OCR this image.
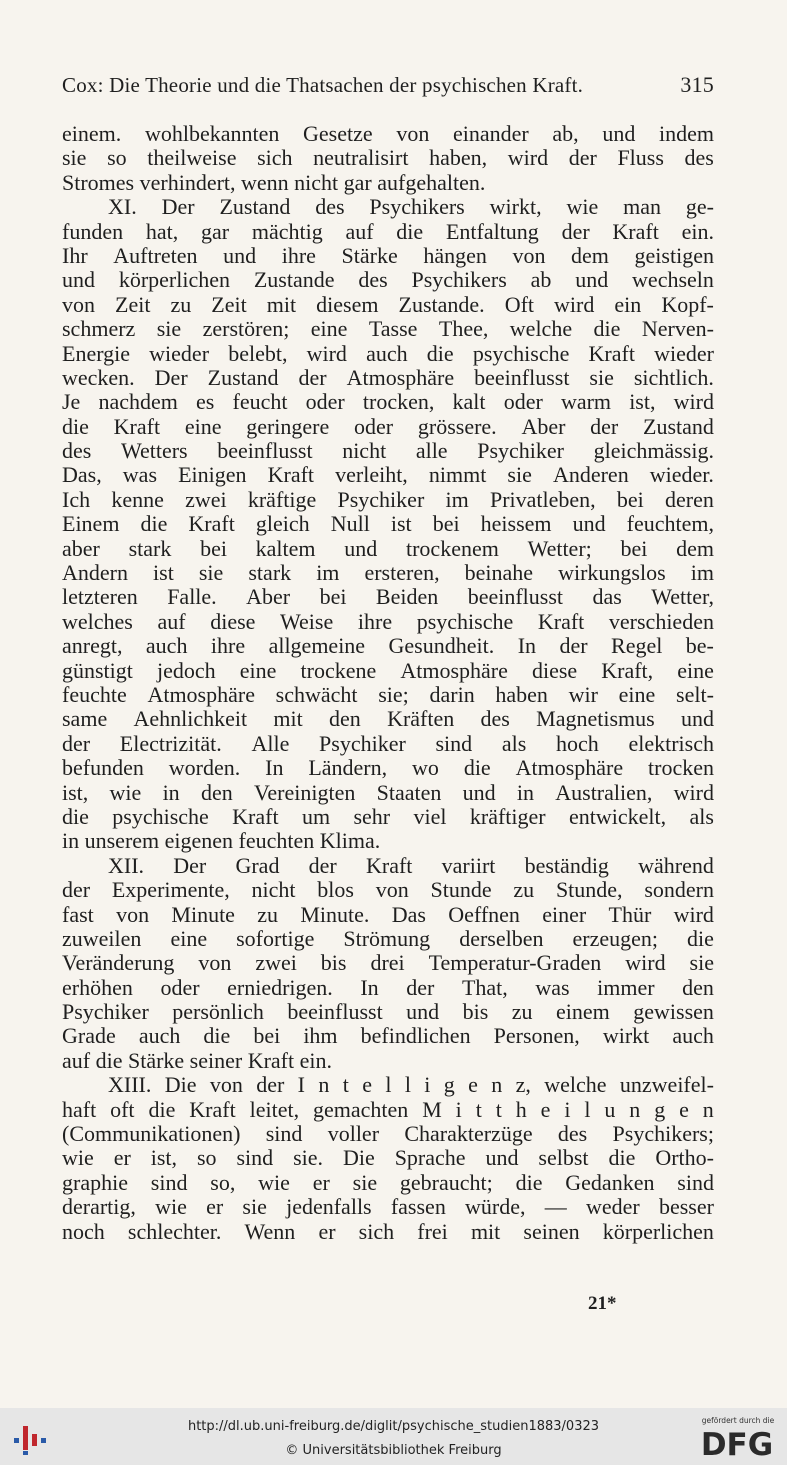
Cox: Die Theorie und die Thatsachen der psychischen Kraft.	315
einem. wohlbekannten Gesetze von einander ab, und indem
sie so theilweise sich neutralisirt haben, wird der Fluss des
Stromes verhindert, wenn nicht gar aufgehalten.
XI. Der Zustand des Psychikers wirkt, wie man ge-
funden hat, gar mächtig auf die Entfaltung der Kraft ein.
Ihr Auftreten und ihre Stärke hängen von dem geistigen
und körperlichen Zustande des Psychikers ab und wechseln
von Zeit zu Zeit mit diesem Zustande. Oft wird ein Kopf-
schmerz sie zerstören; eine Tasse Thee, welche die Nerven-
Energie wieder belebt, wird auch die psychische Kraft wieder
wecken. Der Zustand der Atmosphäre beeinflusst sie sichtlich.
Je nachdem es feucht oder trocken, kalt oder warm ist, wird
die Kraft eine geringere oder grössere. Aber der Zustand
des Wetters beeinflusst nicht alle Psychiker gleichmässig.
Das, was Einigen Kraft verleiht, nimmt sie Anderen wieder.
Ich kenne zwei kräftige Psychiker im Privatleben, bei deren
Einem die Kraft gleich Null ist bei heissem und feuchtem,
aber stark bei kaltem und trockenem Wetter; bei dem
Andern ist sie stark im ersteren, beinahe wirkungslos im
letzteren Falle. Aber bei Beiden beeinflusst das Wetter,
welches auf diese Weise ihre psychische Kraft verschieden
anregt, auch ihre allgemeine Gesundheit. In der Regel be-
günstigt jedoch eine trockene Atmosphäre diese Kraft, eine
feuchte Atmosphäre schwächt sie; darin haben wir eine selt-
same Aehnlichkeit mit den Kräften des Magnetismus und
der Electrizität. Alle Psychiker sind als hoch elektrisch
befunden worden. In Ländern, wo die Atmosphäre trocken
ist, wie in den Vereinigten Staaten und in Australien, wird
die psychische Kraft um sehr viel kräftiger entwickelt, als
in unserem eigenen feuchten Klima.
XII. Der Grad der Kraft variirt beständig während
der Experimente, nicht blos von Stunde zu Stunde, sondern
fast von Minute zu Minute. Das Oeffnen einer Thür wird
zuweilen eine sofortige Strömung derselben erzeugen; die
Veränderung von zwei bis drei Temperatur-Graden wird sie
erhöhen oder erniedrigen. In der That, was immer den
Psychiker persönlich beeinflusst und bis zu einem gewissen
Grade auch die bei ihm befindlichen Personen, wirkt auch
auf die Stärke seiner Kraft ein.
XIII. Die von der I n t e l l i g e n z, welche unzweifel-
haft oft die Kraft leitet, gemachten M i t t h e i l u n g e n
(Communikationen) sind voller Charakterzüge des Psychikers;
wie er ist, so sind sie. Die Sprache und selbst die Ortho-
graphie sind so, wie er sie gebraucht; die Gedanken sind
derartig, wie er sie jedenfalls fassen würde, — weder besser
noch schlechter. Wenn er sich frei mit seinen körperlichen
21*
http://dl.ub.uni-freiburg.de/diglit/psychische_studien1883/0323
© Universitätsbibliothek Freiburg
gefördert durch die
DFG
